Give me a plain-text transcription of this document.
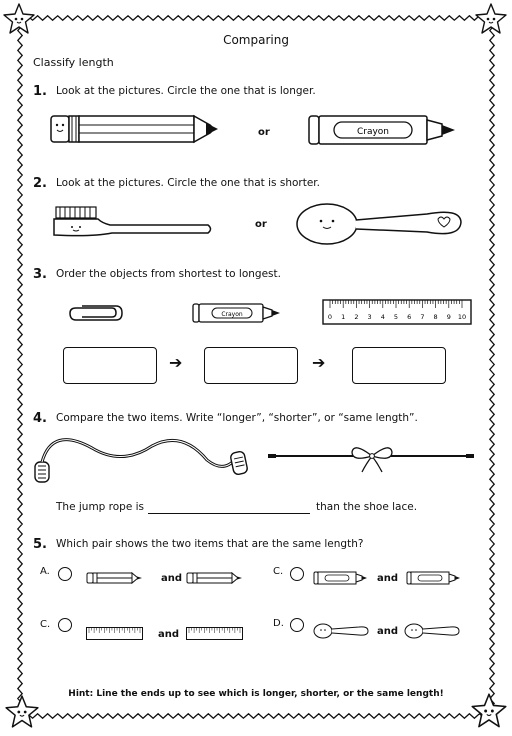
Comparing
Classify length
1. Look at the pictures. Circle the one that is longer.
or	Crayon
2. Look at the pictures. Circle the one that is shorter.
or
3. Order the objects from shortest to longest.
Crayon	0 1 2 3 4 5 6 7 8 9 10
➔	➔
4. Compare the two items. Write “longer”, “shorter”, or “same length”.
The jump rope is	than the shoe lace.
5. Which pair shows the two items that are the same length?
A.
and
C.
and
C.
and
D.
and
Hint: Line the ends up to see which is longer, shorter, or the same length!
